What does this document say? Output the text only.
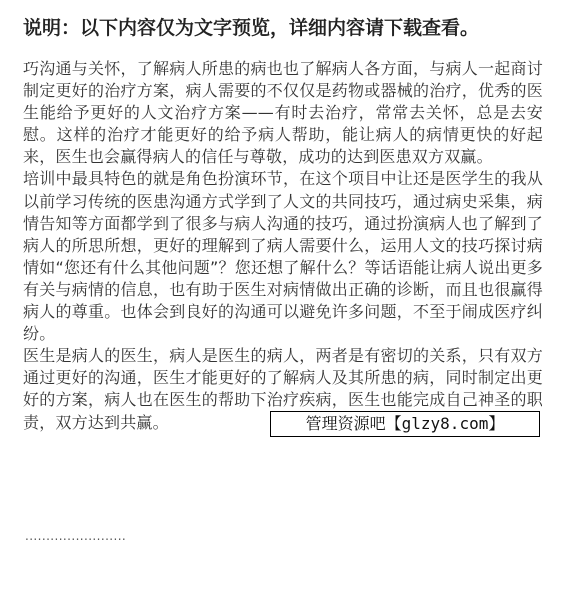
说明：以下内容仅为文字预览，详细内容请下载查看。

巧沟通与关怀，了解病人所患的病也也了解病人各方面，与病人一起商讨制定更好的治疗方案，病人需要的不仅仅是药物或器械的治疗，优秀的医生能给予更好的人文治疗方案——有时去治疗，常常去关怀，总是去安慰。这样的治疗才能更好的给予病人帮助，能让病人的病情更快的好起来，医生也会赢得病人的信任与尊敬，成功的达到医患双方双赢。

培训中最具特色的就是角色扮演环节，在这个项目中让还是医学生的我从以前学习传统的医患沟通方式学到了人文的共同技巧，通过病史采集，病情告知等方面都学到了很多与病人沟通的技巧，通过扮演病人也了解到了病人的所思所想，更好的理解到了病人需要什么，运用人文的技巧探讨病情如“您还有什么其他问题”？您还想了解什么？等话语能让病人说出更多有关与病情的信息，也有助于医生对病情做出正确的诊断，而且也很赢得病人的尊重。也体会到良好的沟通可以避免许多问题，不至于闹成医疗纠纷。

医生是病人的医生，病人是医生的病人，两者是有密切的关系，只有双方通过更好的沟通，医生才能更好的了解病人及其所患的病，同时制定出更好的方案，病人也在医生的帮助下治疗疾病，医生也能完成自己神圣的职责，双方达到共赢。

........................
管理资源吧【glzy8.com】
